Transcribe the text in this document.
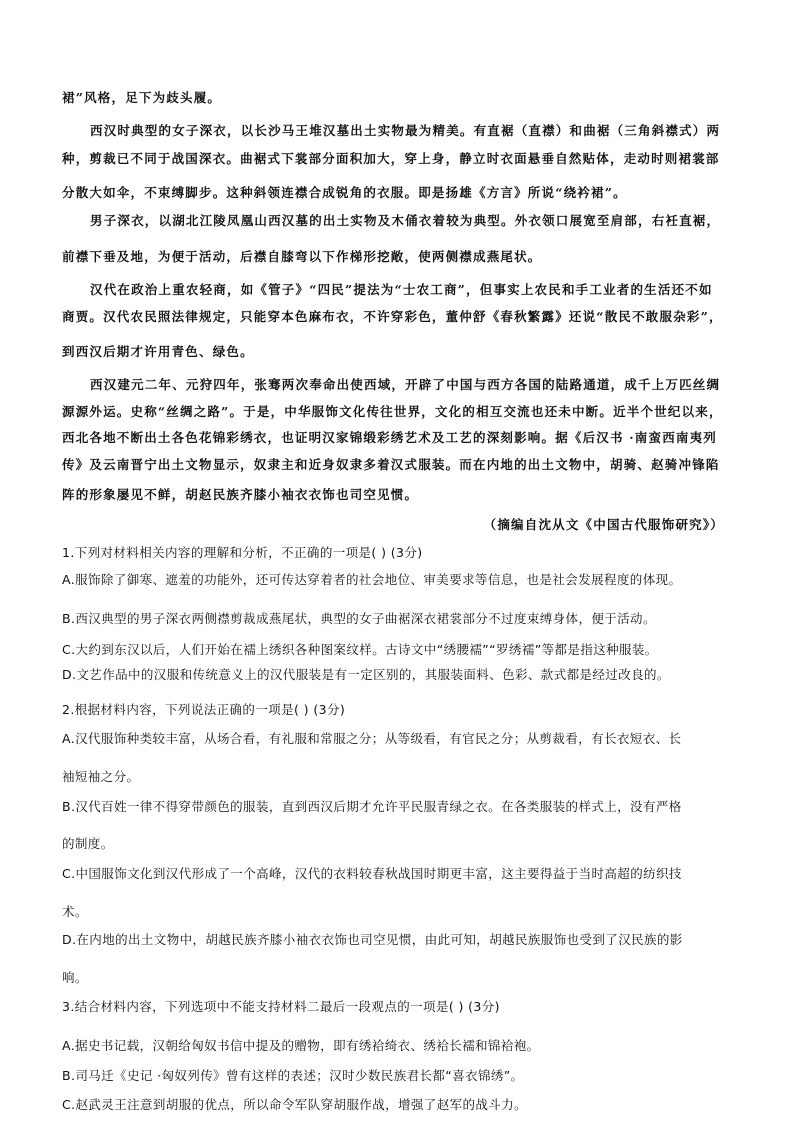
裙”风格，足下为歧头履。
西汉时典型的女子深衣，以长沙马王堆汉墓出土实物最为精美。有直裾（直襟）和曲裾（三角斜襟式）两
种，剪裁已不同于战国深衣。曲裾式下裳部分面积加大，穿上身，静立时衣面悬垂自然贴体，走动时则裙裳部
分散大如伞，不束缚脚步。这种斜领连襟合成锐角的衣服。即是扬雄《方言》所说“绕衿裙”。
男子深衣，以湖北江陵凤凰山西汉墓的出土实物及木俑衣着较为典型。外衣领口展宽至肩部，右衽直裾，
前襟下垂及地，为便于活动，后襟自膝弯以下作梯形挖敞，使两侧襟成燕尾状。
汉代在政治上重农轻商，如《管子》“四民”提法为“士农工商”，但事实上农民和手工业者的生活还不如
商贾。汉代农民照法律规定，只能穿本色麻布衣，不许穿彩色，董仲舒《春秋繁露》还说“散民不敢服杂彩”，
到西汉后期才许用青色、绿色。
西汉建元二年、元狩四年，张骞两次奉命出使西域，开辟了中国与西方各国的陆路通道，成千上万匹丝绸
源源外运。史称“丝绸之路”。于是，中华服饰文化传往世界，文化的相互交流也还未中断。近半个世纪以来，
西北各地不断出土各色花锦彩绣衣，也证明汉家锦缎彩绣艺术及工艺的深刻影响。据《后汉书 ·南蛮西南夷列
传》及云南晋宁出土文物显示，奴隶主和近身奴隶多着汉式服装。而在内地的出土文物中，胡骑、赵骑冲锋陷
阵的形象屡见不鲜，胡赵民族齐膝小袖衣衣饰也司空见惯。
（摘编自沈从文《中国古代服饰研究》）
1.下列对材料相关内容的理解和分析，不正确的一项是( ) (3分)
A.服饰除了御寒、遮羞的功能外，还可传达穿着者的社会地位、审美要求等信息，也是社会发展程度的体现。
B.西汉典型的男子深衣两侧襟剪裁成燕尾状，典型的女子曲裾深衣裙裳部分不过度束缚身体，便于活动。
C.大约到东汉以后，人们开始在襦上绣织各种图案纹样。古诗文中“绣腰襦”“罗绣襦”等都是指这种服装。
D.文艺作品中的汉服和传统意义上的汉代服装是有一定区别的，其服装面料、色彩、款式都是经过改良的。
2.根据材料内容，下列说法正确的一项是( ) (3分)
A.汉代服饰种类较丰富，从场合看，有礼服和常服之分；从等级看，有官民之分；从剪裁看，有长衣短衣、长
袖短袖之分。
B.汉代百姓一律不得穿带颜色的服装，直到西汉后期才允许平民服青绿之衣。在各类服装的样式上，没有严格
的制度。
C.中国服饰文化到汉代形成了一个高峰，汉代的衣料较春秋战国时期更丰富，这主要得益于当时高超的纺织技
术。
D.在内地的出土文物中，胡越民族齐膝小袖衣衣饰也司空见惯，由此可知，胡越民族服饰也受到了汉民族的影
响。
3.结合材料内容，下列选项中不能支持材料二最后一段观点的一项是( ) (3分)
A.据史书记载，汉朝给匈奴书信中提及的赠物，即有绣袷绮衣、绣袷长襦和锦袷袍。
B.司马迁《史记 ·匈奴列传》曾有这样的表述；汉时少数民族君长都“喜衣锦绣”。
C.赵武灵王注意到胡服的优点，所以命令军队穿胡服作战，增强了赵军的战斗力。
